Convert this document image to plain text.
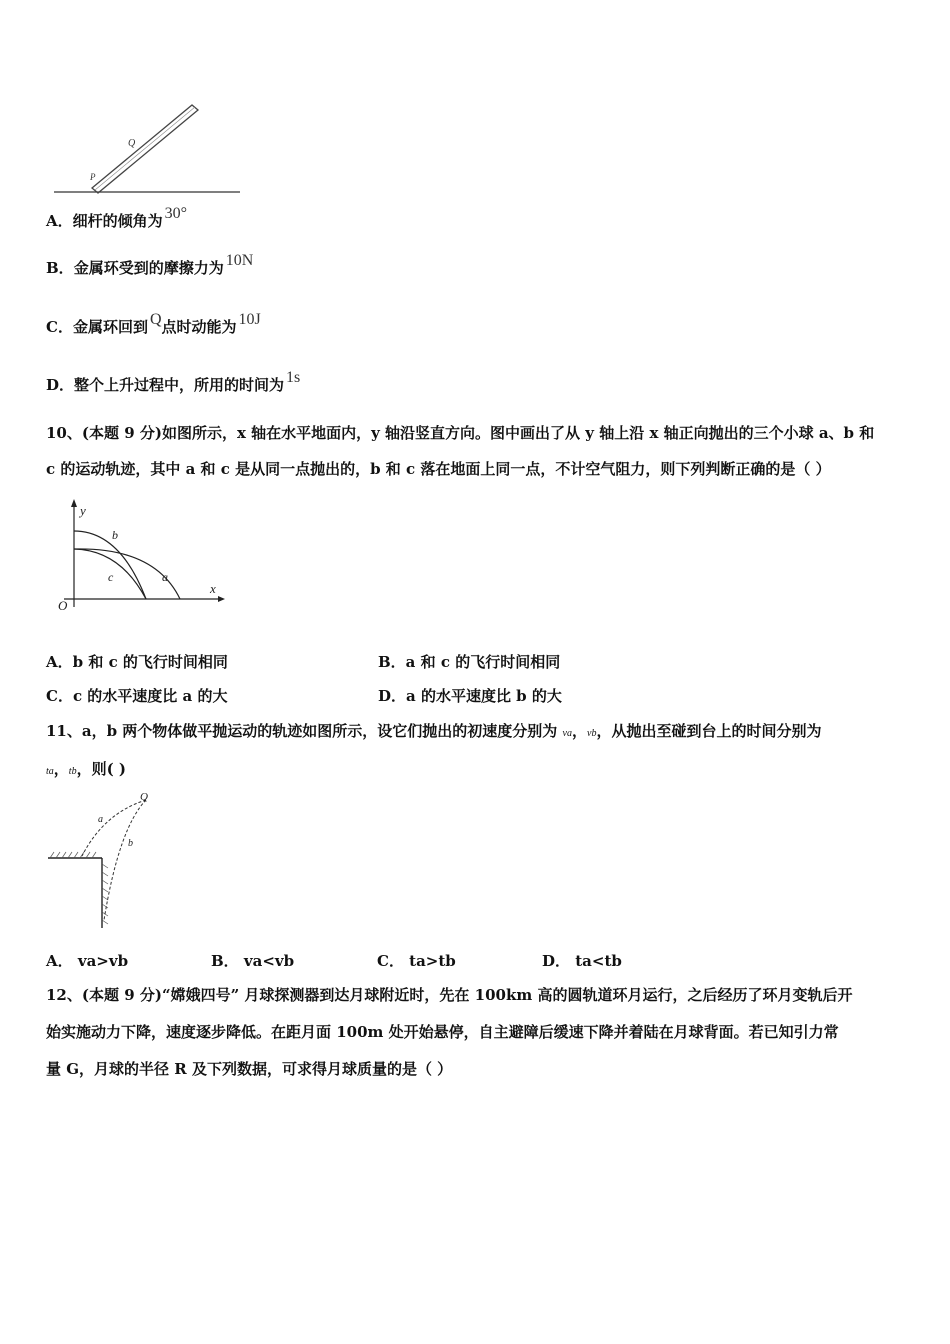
Q
P
A．细杆的倾角为 30°
B．金属环受到的摩擦力为 10N
C．金属环回到 Q点时动能为 10J
D．整个上升过程中，所用的时间为 1s
10、(本题 9 分)如图所示，x 轴在水平地面内，y 轴沿竖直方向。图中画出了从 y 轴上沿 x 轴正向抛出的三个小球 a、b 和
c 的运动轨迹，其中 a 和 c 是从同一点抛出的，b 和 c 落在地面上同一点，不计空气阻力，则下列判断正确的是（ ）
y
x
O
b
c	a
A．b 和 c 的飞行时间相同	B．a 和 c 的飞行时间相同
C．c 的水平速度比 a 的大	D．a 的水平速度比 b 的大
11、a，b 两个物体做平抛运动的轨迹如图所示，设它们抛出的初速度分别为 va，vb，从抛出至碰到台上的时间分别为
ta，tb，则( )
Q
a
b
A． va>vb	B． va<vb	C． ta>tb	D． ta<tb
12、(本题 9 分)“嫦娥四号” 月球探测器到达月球附近时，先在 100km 高的圆轨道环月运行，之后经历了环月变轨后开
始实施动力下降，速度逐步降低。在距月面 100m 处开始悬停，自主避障后缓速下降并着陆在月球背面。若已知引力常
量 G，月球的半径 R 及下列数据，可求得月球质量的是（ ）
